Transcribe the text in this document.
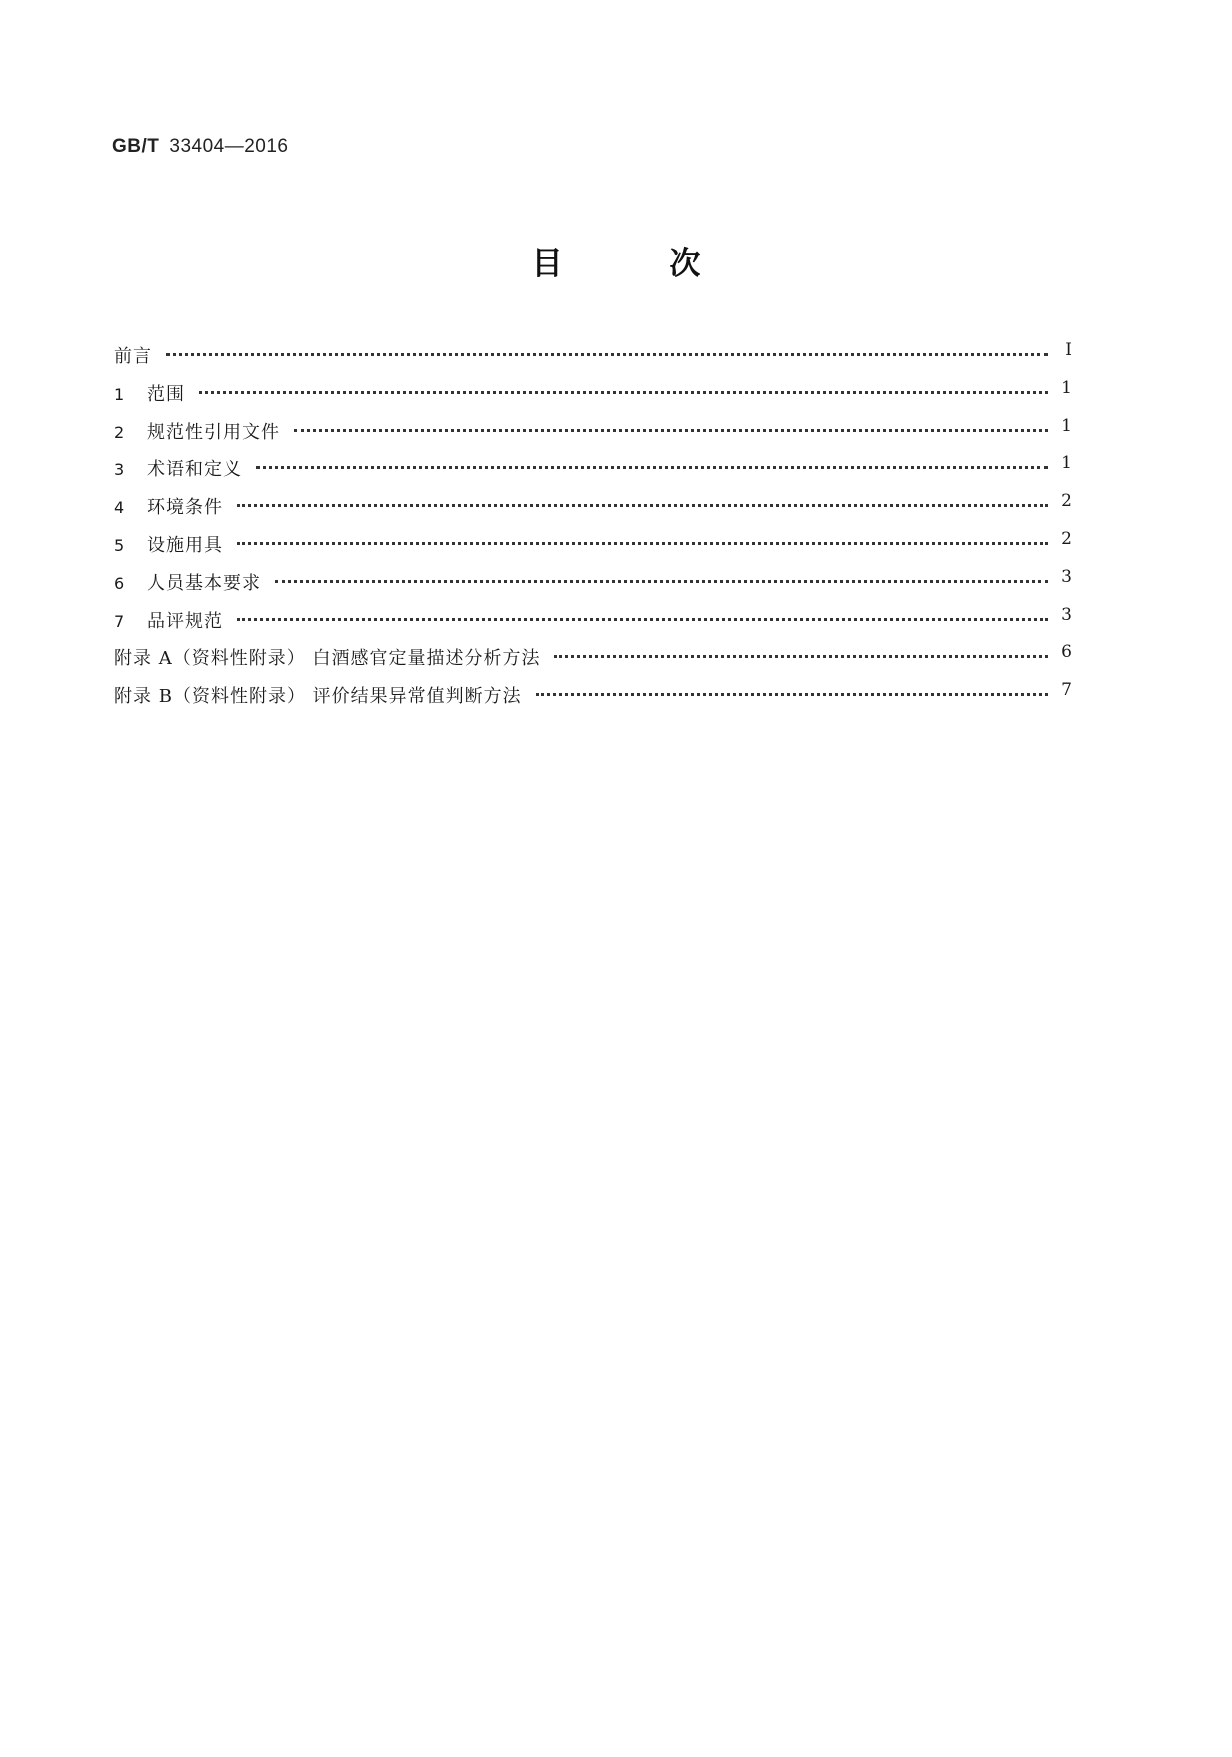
GB/T 33404—2016
目 次
前言	Ⅰ
1	范围	1
2	规范性引用文件	1
3	术语和定义	1
4	环境条件	2
5	设施用具	2
6	人员基本要求	3
7	品评规范	3
附录 A（资料性附录） 白酒感官定量描述分析方法	6
附录 B（资料性附录） 评价结果异常值判断方法	7
